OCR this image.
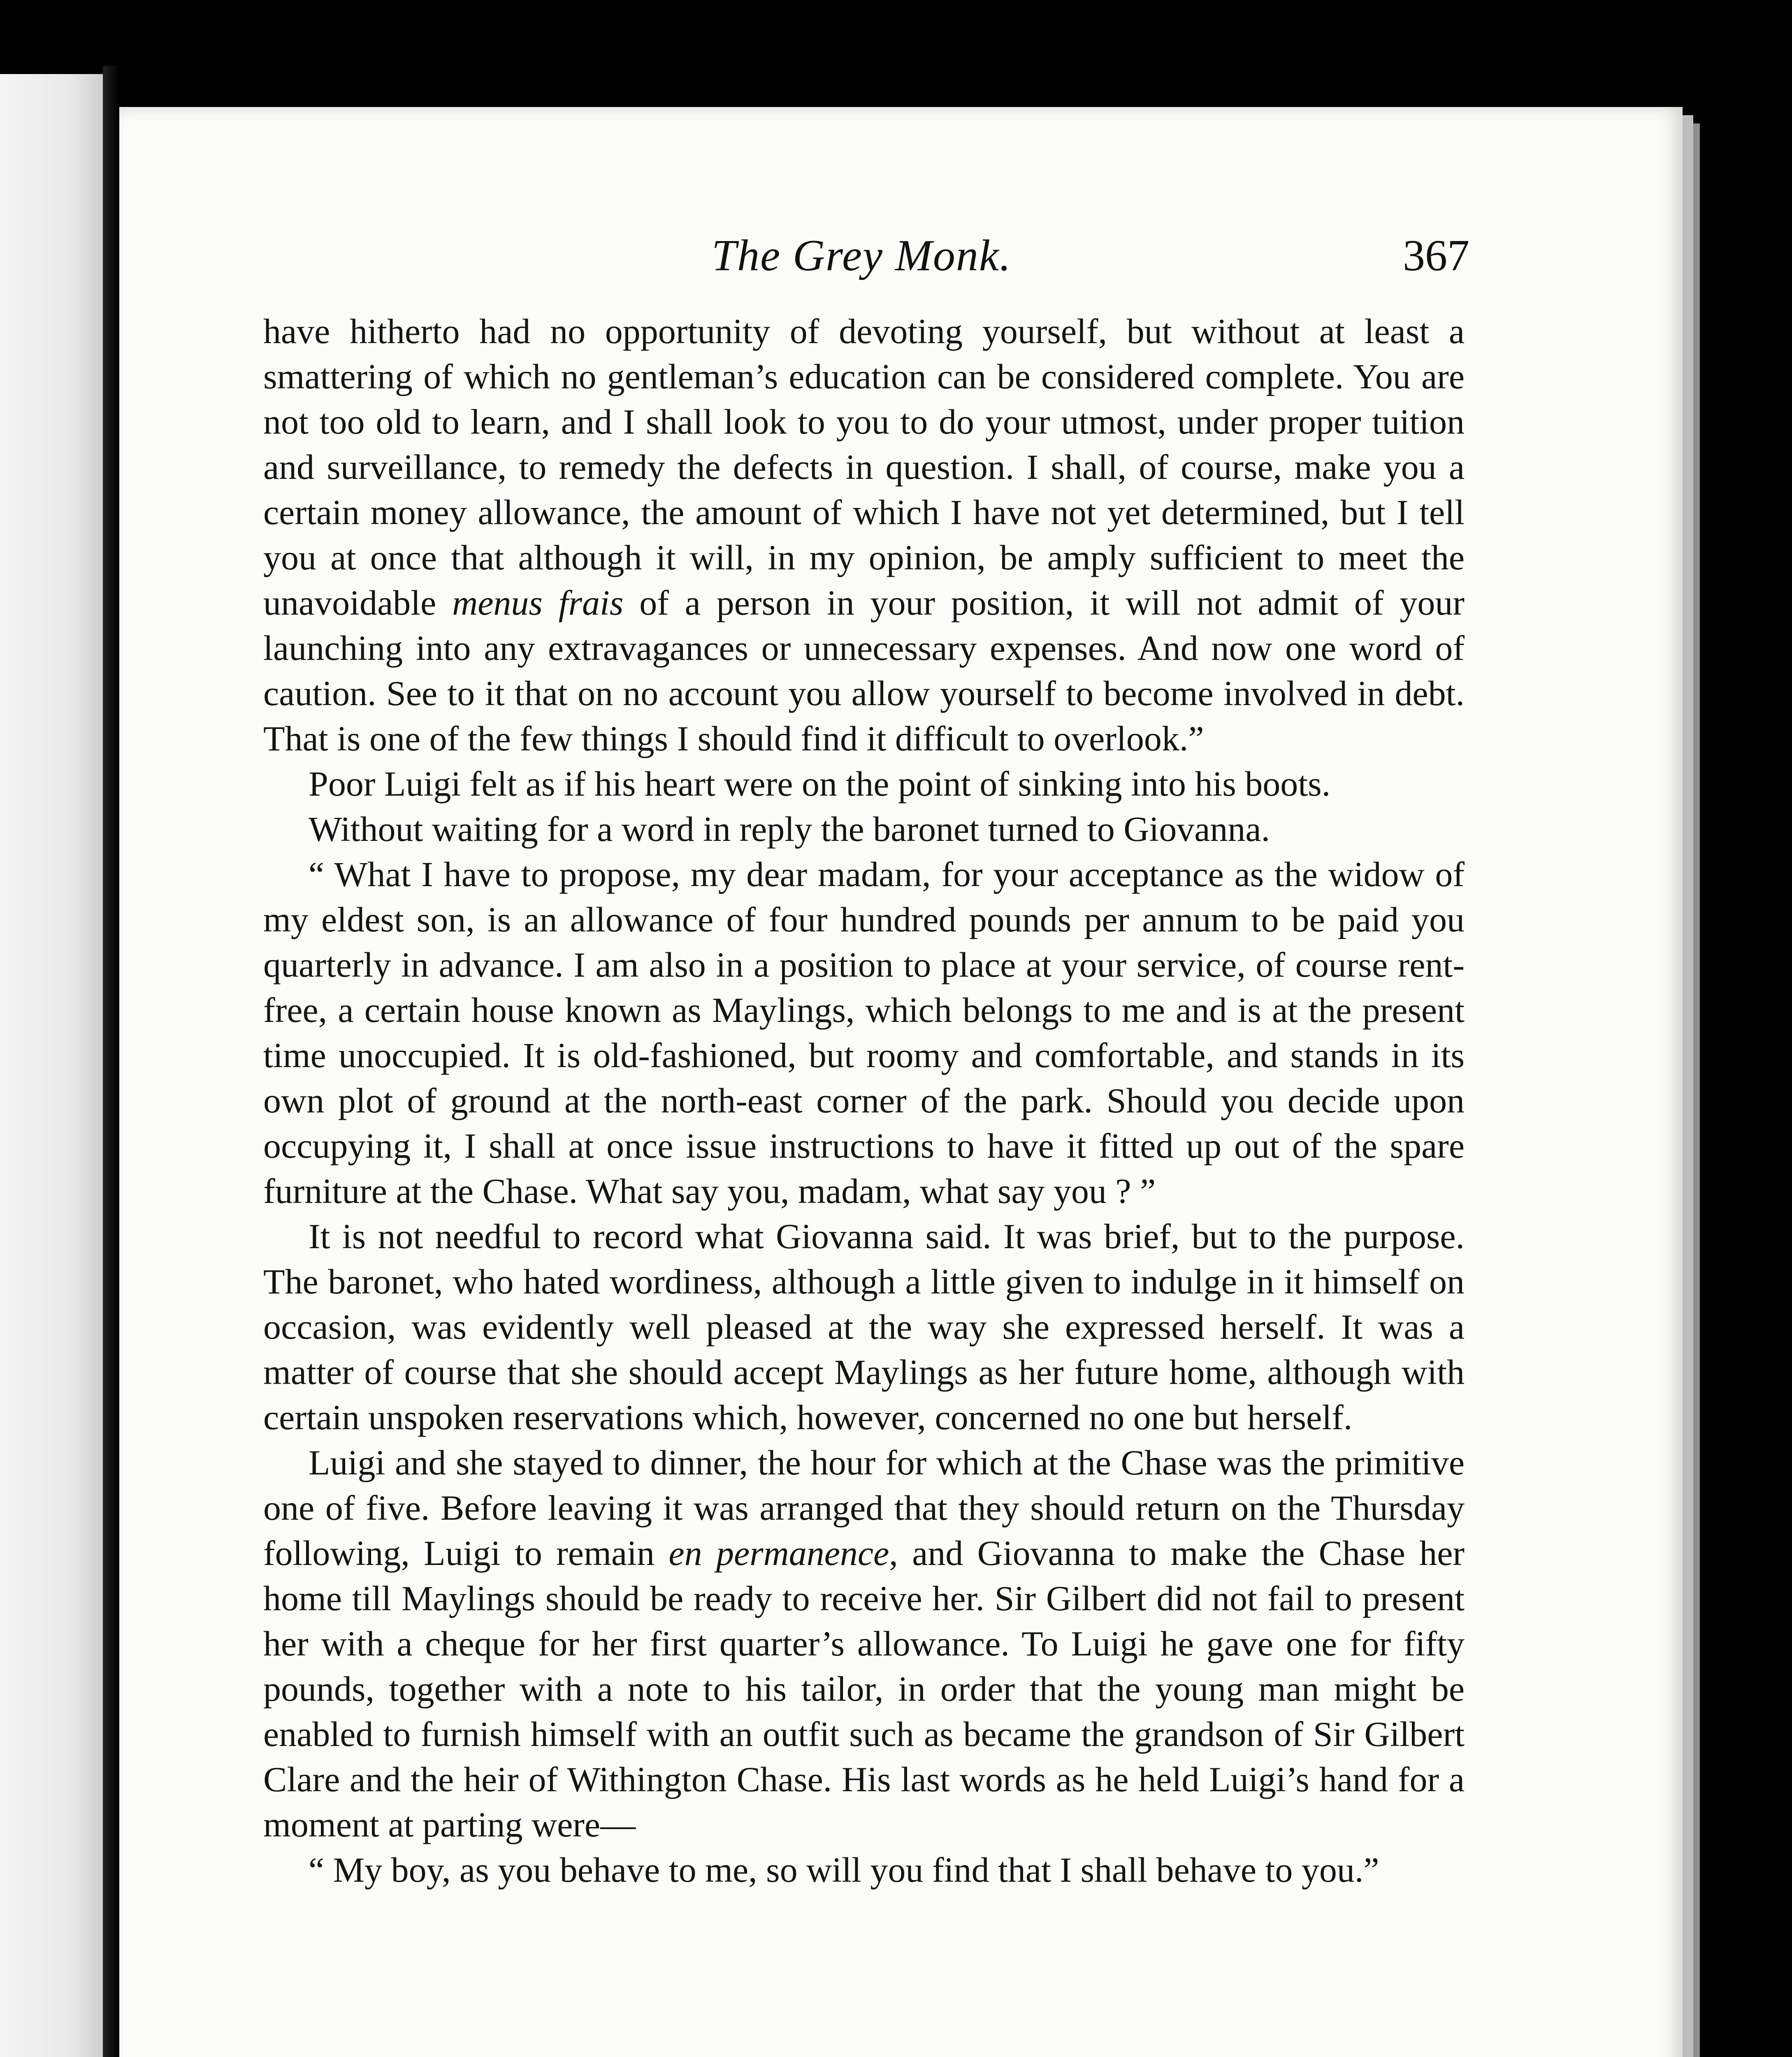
The Grey Monk.	367

have hitherto had no opportunity of devoting yourself, but without at least a smattering of which no gentleman’s education can be considered complete. You are not too old to learn, and I shall look to you to do your utmost, under proper tuition and surveillance, to remedy the defects in question. I shall, of course, make you a certain money allowance, the amount of which I have not yet determined, but I tell you at once that although it will, in my opinion, be amply sufficient to meet the unavoidable menus frais of a person in your position, it will not admit of your launching into any extravagances or unnecessary expenses. And now one word of caution. See to it that on no account you allow yourself to become involved in debt. That is one of the few things I should find it difficult to overlook.”

Poor Luigi felt as if his heart were on the point of sinking into his boots.

Without waiting for a word in reply the baronet turned to Giovanna.

“ What I have to propose, my dear madam, for your acceptance as the widow of my eldest son, is an allowance of four hundred pounds per annum to be paid you quarterly in advance. I am also in a position to place at your service, of course rent-free, a certain house known as Maylings, which belongs to me and is at the present time unoccupied. It is old-fashioned, but roomy and comfortable, and stands in its own plot of ground at the north-east corner of the park. Should you decide upon occupying it, I shall at once issue instructions to have it fitted up out of the spare furniture at the Chase. What say you, madam, what say you ? ”

It is not needful to record what Giovanna said. It was brief, but to the purpose. The baronet, who hated wordiness, although a little given to indulge in it himself on occasion, was evidently well pleased at the way she expressed herself. It was a matter of course that she should accept Maylings as her future home, although with certain unspoken reservations which, however, concerned no one but herself.

Luigi and she stayed to dinner, the hour for which at the Chase was the primitive one of five. Before leaving it was arranged that they should return on the Thursday following, Luigi to remain en permanence, and Giovanna to make the Chase her home till Maylings should be ready to receive her. Sir Gilbert did not fail to present her with a cheque for her first quarter’s allowance. To Luigi he gave one for fifty pounds, together with a note to his tailor, in order that the young man might be enabled to furnish himself with an outfit such as became the grandson of Sir Gilbert Clare and the heir of Withington Chase. His last words as he held Luigi’s hand for a moment at parting were—

“ My boy, as you behave to me, so will you find that I shall behave to you.”
